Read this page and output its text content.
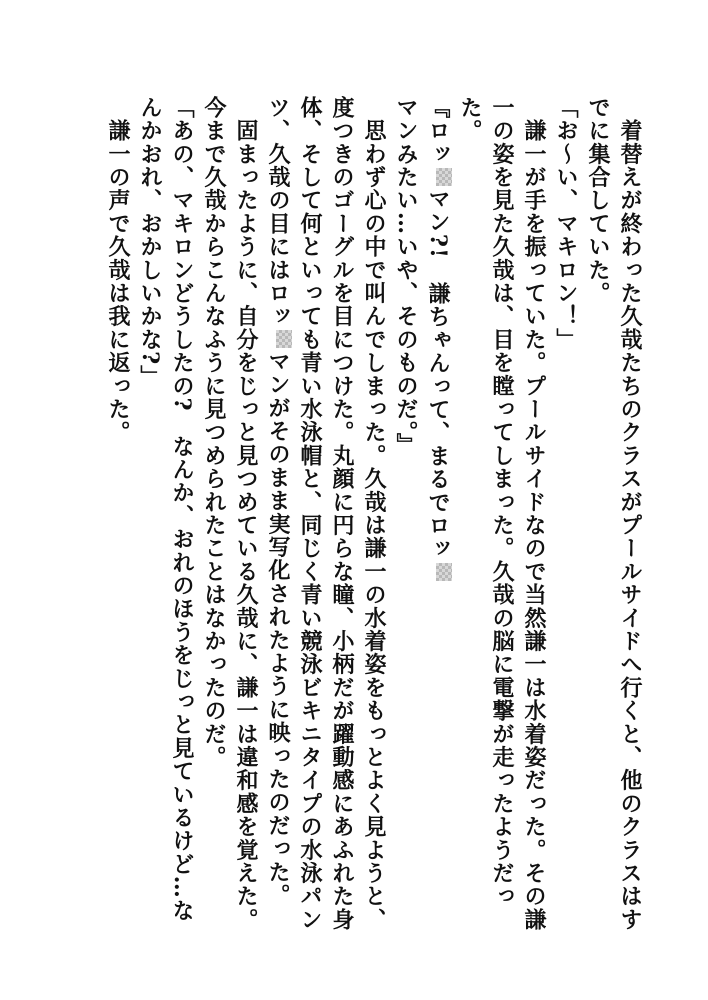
　着替えが終わった久哉たちのクラスがプールサイドへ行くと、他のクラスはすでに集合していた。

「お～い、マキロン！」

　謙一が手を振っていた。プールサイドなので当然謙一は水着姿だった。その謙一の姿を見た久哉は、目を瞠ってしまった。久哉の脳に電撃が走ったようだった。

『ロッマン?!　謙ちゃんって、まるでロッマンみたい…いや、そのものだ。』

　思わず心の中で叫んでしまった。久哉は謙一の水着姿をもっとよく見ようと、度つきのゴーグルを目につけた。丸顔に円らな瞳、小柄だが躍動感にあふれた身体、そして何といっても青い水泳帽と、同じく青い競泳ビキニタイプの水泳パンツ、久哉の目にはロッマンがそのまま実写化されたように映ったのだった。

　固まったように、自分をじっと見つめている久哉に、謙一は違和感を覚えた。今まで久哉からこんなふうに見つめられたことはなかったのだ。

「あの、マキロンどうしたの?　なんか、おれのほうをじっと見ているけど…なんかおれ、おかしいかな?」

　謙一の声で久哉は我に返った。
